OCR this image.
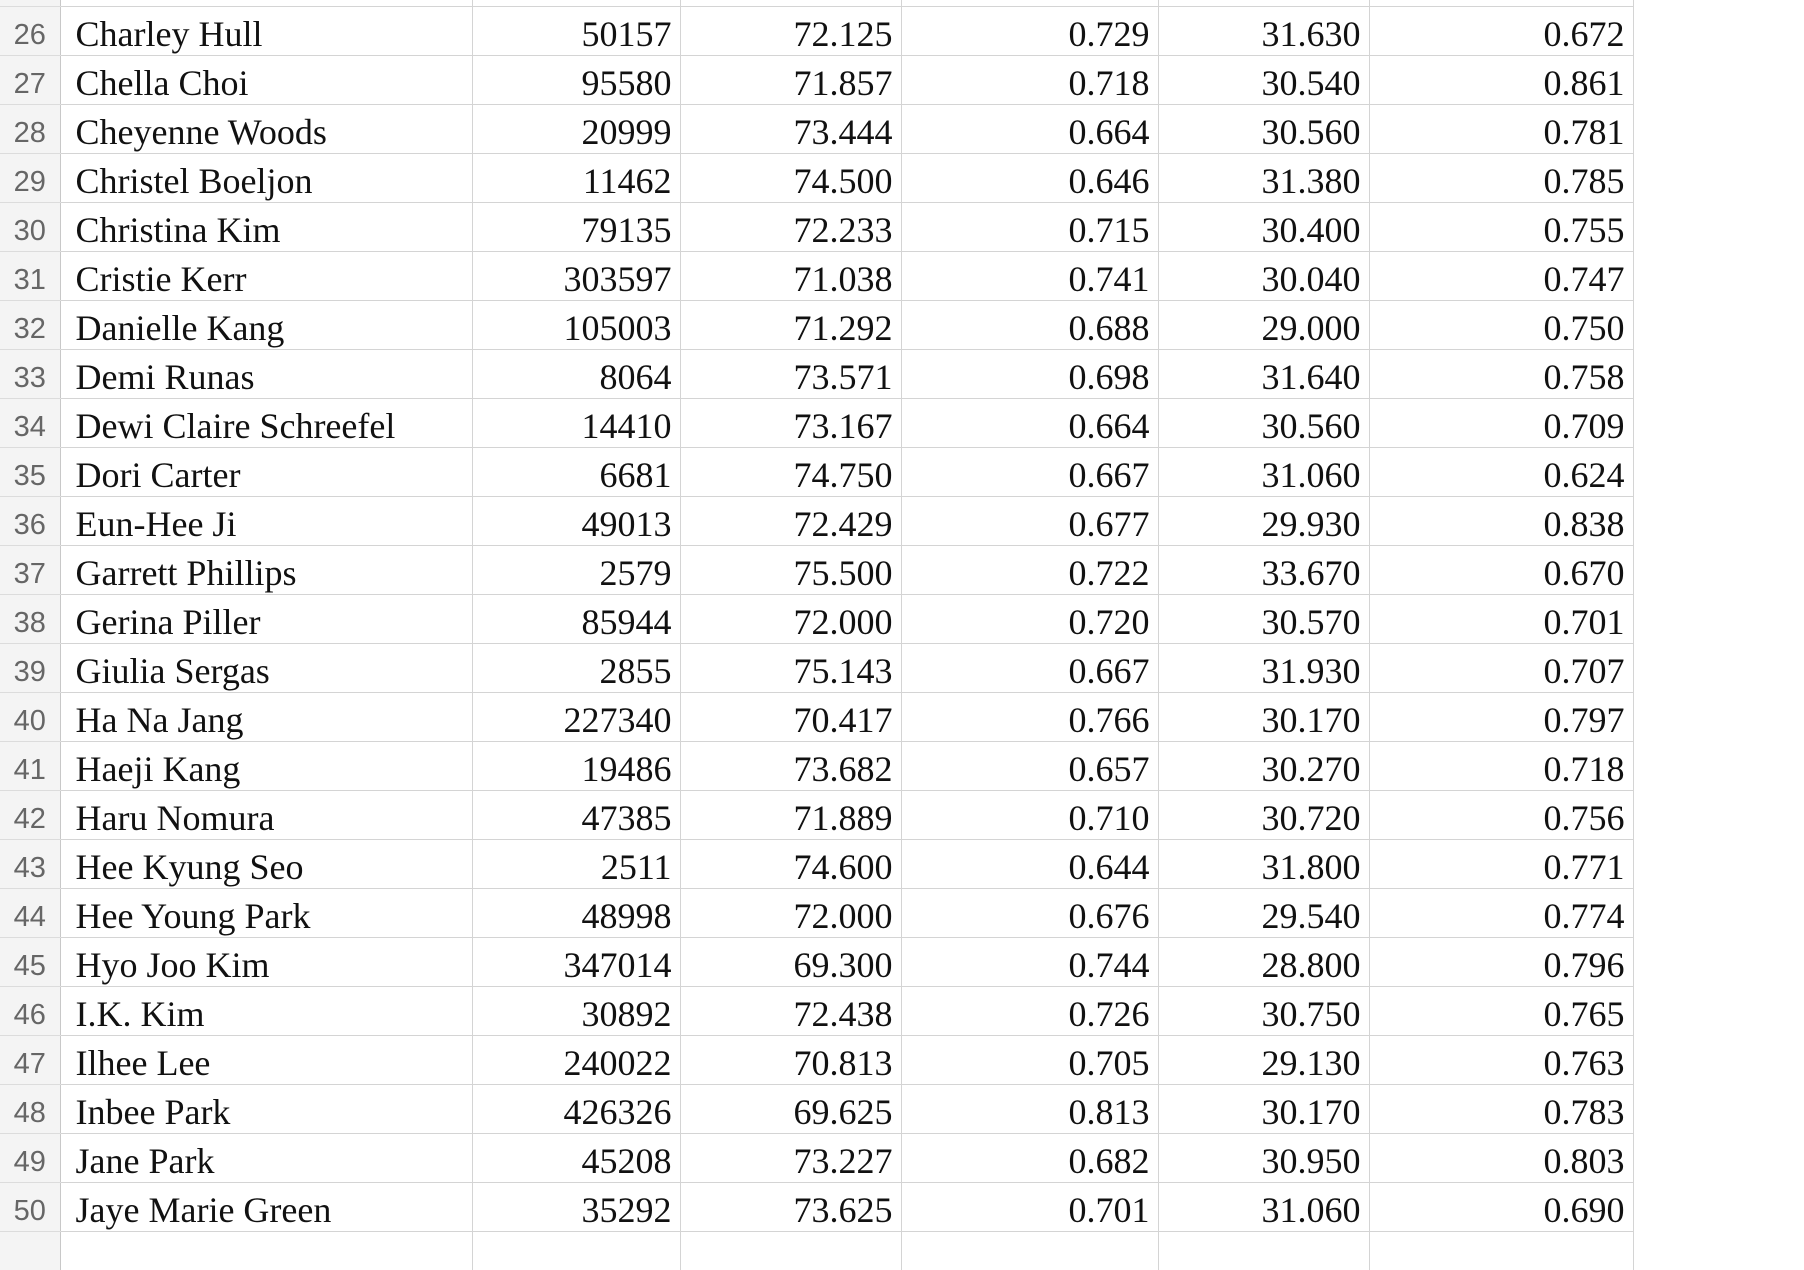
26	Charley Hull	50157	72.125	0.729	31.630	0.672
27	Chella Choi	95580	71.857	0.718	30.540	0.861
28	Cheyenne Woods	20999	73.444	0.664	30.560	0.781
29	Christel Boeljon	11462	74.500	0.646	31.380	0.785
30	Christina Kim	79135	72.233	0.715	30.400	0.755
31	Cristie Kerr	303597	71.038	0.741	30.040	0.747
32	Danielle Kang	105003	71.292	0.688	29.000	0.750
33	Demi Runas	8064	73.571	0.698	31.640	0.758
34	Dewi Claire Schreefel	14410	73.167	0.664	30.560	0.709
35	Dori Carter	6681	74.750	0.667	31.060	0.624
36	Eun-Hee Ji	49013	72.429	0.677	29.930	0.838
37	Garrett Phillips	2579	75.500	0.722	33.670	0.670
38	Gerina Piller	85944	72.000	0.720	30.570	0.701
39	Giulia Sergas	2855	75.143	0.667	31.930	0.707
40	Ha Na Jang	227340	70.417	0.766	30.170	0.797
41	Haeji Kang	19486	73.682	0.657	30.270	0.718
42	Haru Nomura	47385	71.889	0.710	30.720	0.756
43	Hee Kyung Seo	2511	74.600	0.644	31.800	0.771
44	Hee Young Park	48998	72.000	0.676	29.540	0.774
45	Hyo Joo Kim	347014	69.300	0.744	28.800	0.796
46	I.K. Kim	30892	72.438	0.726	30.750	0.765
47	Ilhee Lee	240022	70.813	0.705	29.130	0.763
48	Inbee Park	426326	69.625	0.813	30.170	0.783
49	Jane Park	45208	73.227	0.682	30.950	0.803
50	Jaye Marie Green	35292	73.625	0.701	31.060	0.690
